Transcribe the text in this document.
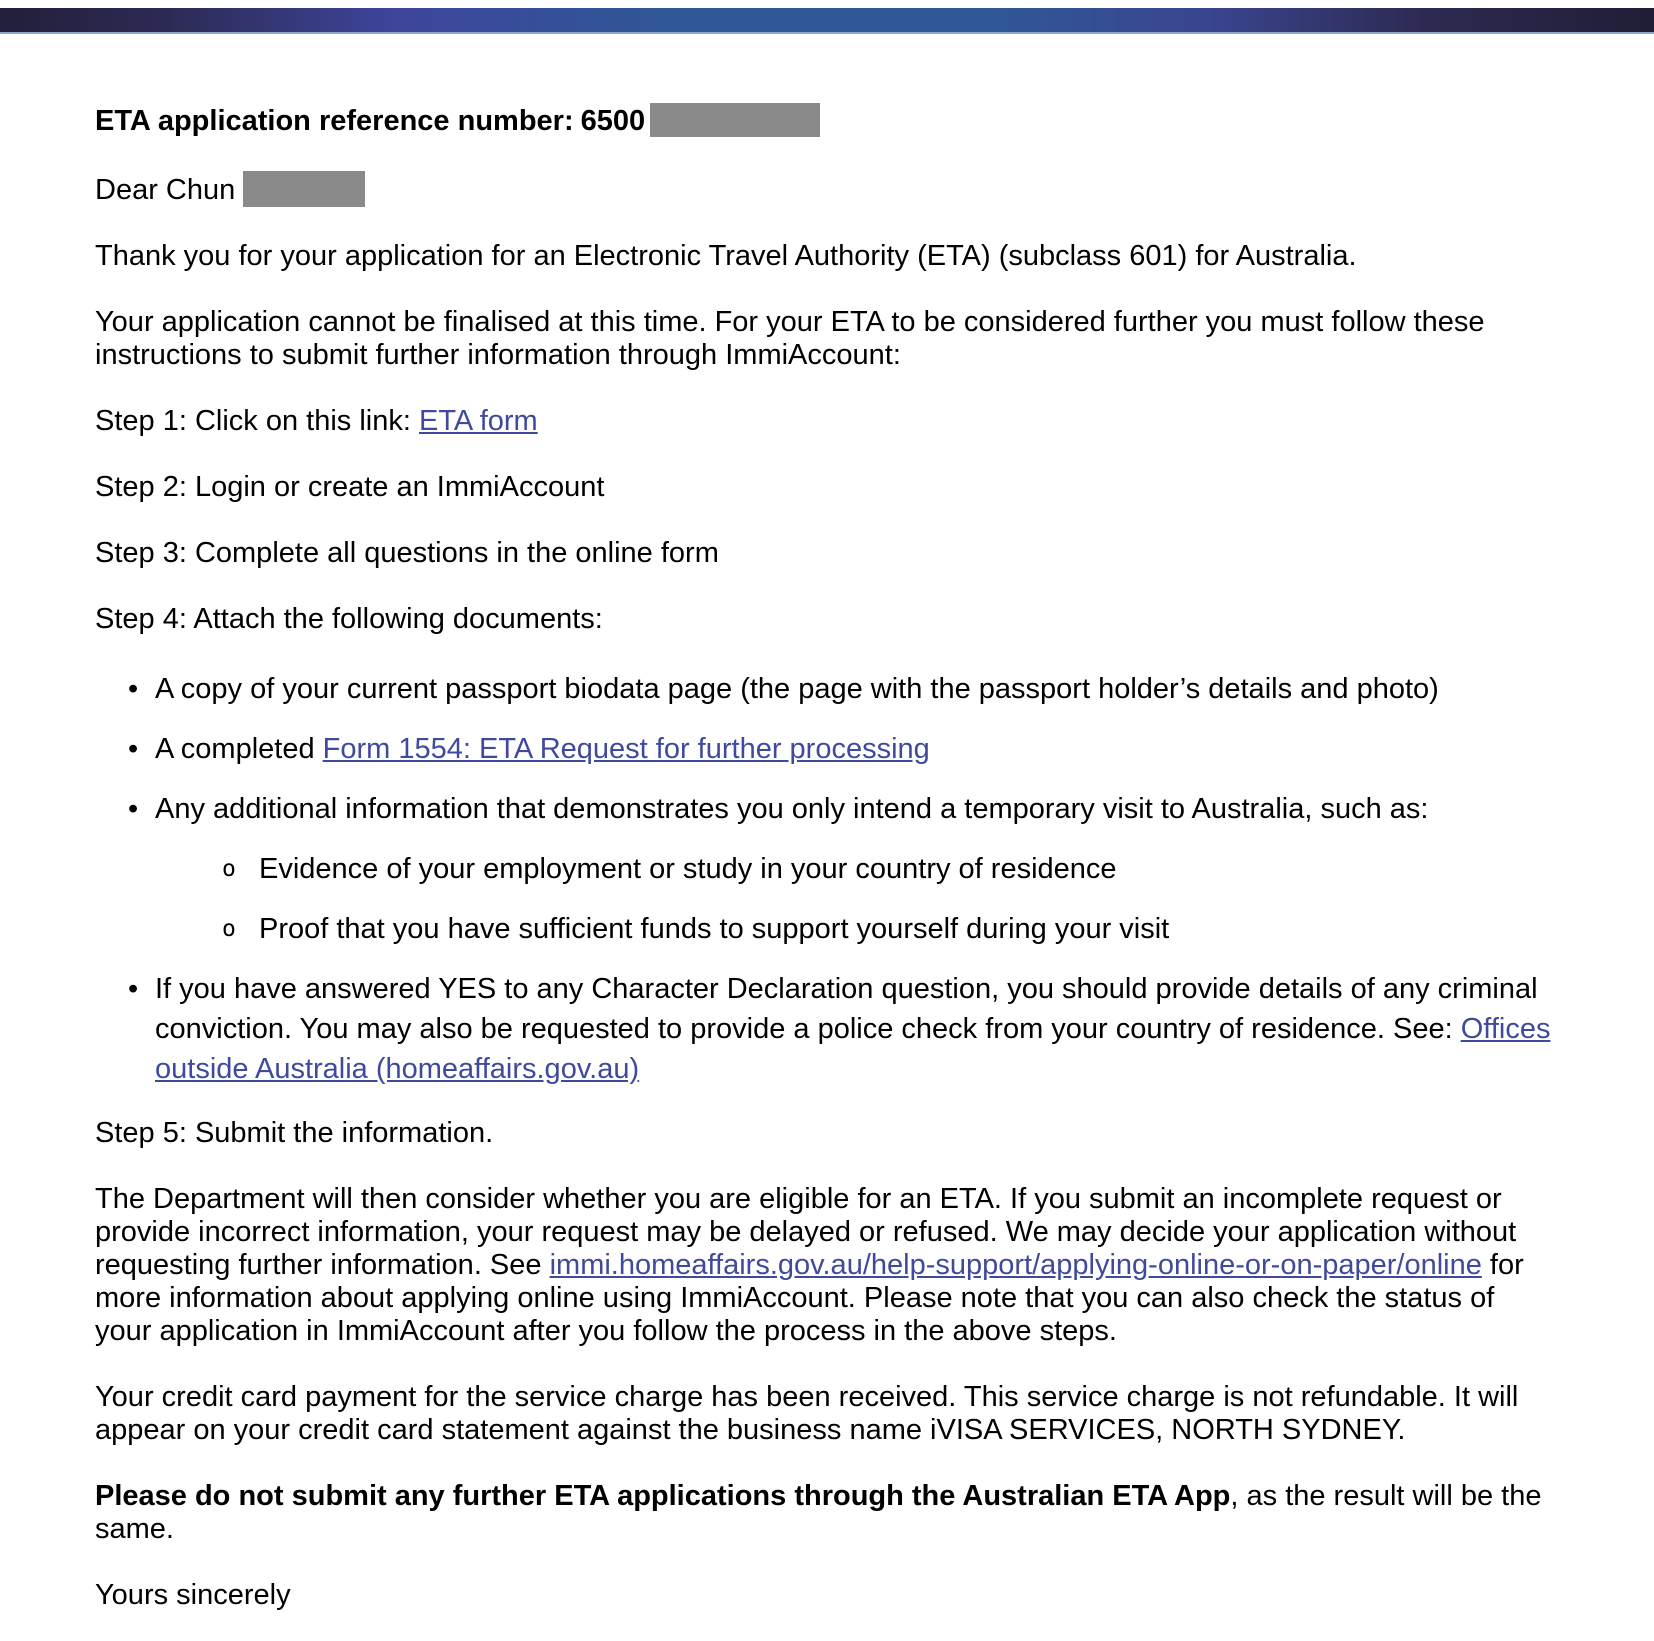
ETA application reference number: 6500

Dear Chun

Thank you for your application for an Electronic Travel Authority (ETA) (subclass 601) for Australia.

Your application cannot be finalised at this time. For your ETA to be considered further you must follow these instructions to submit further information through ImmiAccount:

Step 1: Click on this link: ETA form

Step 2: Login or create an ImmiAccount

Step 3: Complete all questions in the online form

Step 4: Attach the following documents:

• A copy of your current passport biodata page (the page with the passport holder’s details and photo)
• A completed Form 1554: ETA Request for further processing
• Any additional information that demonstrates you only intend a temporary visit to Australia, such as:
o Evidence of your employment or study in your country of residence
o Proof that you have sufficient funds to support yourself during your visit
• If you have answered YES to any Character Declaration question, you should provide details of any criminal conviction. You may also be requested to provide a police check from your country of residence. See: Offices outside Australia (homeaffairs.gov.au)

Step 5: Submit the information.

The Department will then consider whether you are eligible for an ETA. If you submit an incomplete request or provide incorrect information, your request may be delayed or refused. We may decide your application without requesting further information. See immi.homeaffairs.gov.au/help-support/applying-online-or-on-paper/online for more information about applying online using ImmiAccount. Please note that you can also check the status of your application in ImmiAccount after you follow the process in the above steps.

Your credit card payment for the service charge has been received. This service charge is not refundable. It will appear on your credit card statement against the business name iVISA SERVICES, NORTH SYDNEY.

Please do not submit any further ETA applications through the Australian ETA App, as the result will be the same.

Yours sincerely
